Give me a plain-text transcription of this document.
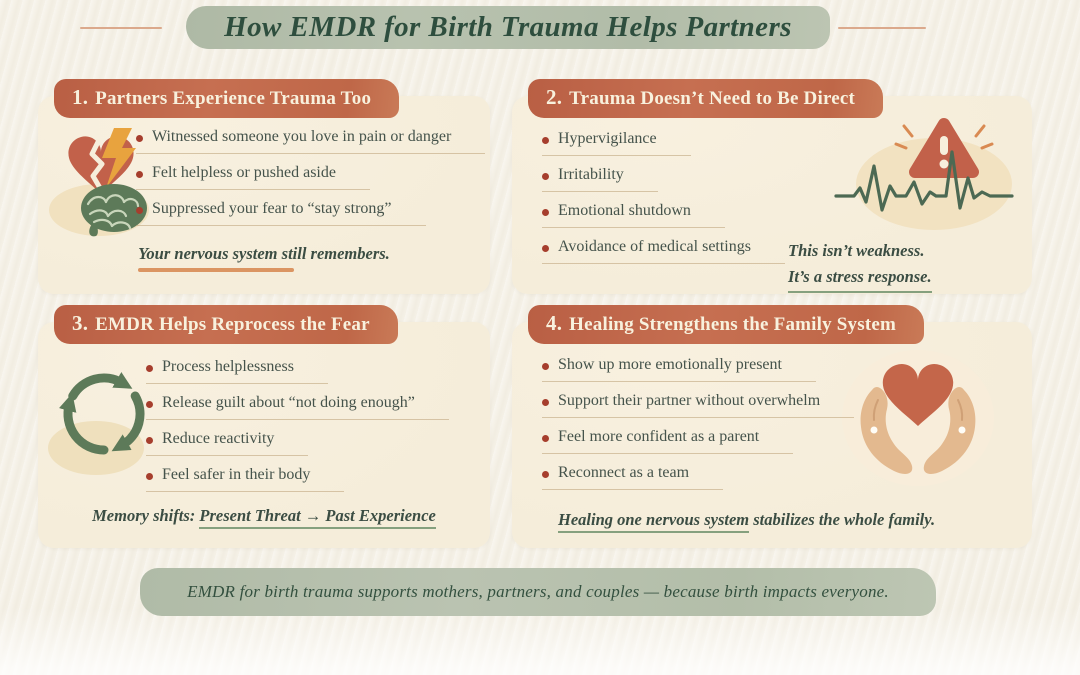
How EMDR for Birth Trauma Helps Partners
1. Partners Experience Trauma Too
Witnessed someone you love in pain or danger
Felt helpless or pushed aside
Suppressed your fear to “stay strong”
Your nervous system still remembers.
2. Trauma Doesn’t Need to Be Direct
Hypervigilance
Irritability
Emotional shutdown
Avoidance of medical settings	This isn’t weakness.
It’s a stress response.
3. EMDR Helps Reprocess the Fear
Process helplessness
Release guilt about “not doing enough”
Reduce reactivity
Feel safer in their body
Memory shifts: Present Threat → Past Experience
4. Healing Strengthens the Family System
Show up more emotionally present
Support their partner without overwhelm
Feel more confident as a parent
Reconnect as a team
Healing one nervous system stabilizes the whole family.
EMDR for birth trauma supports mothers, partners, and couples — because birth impacts everyone.
